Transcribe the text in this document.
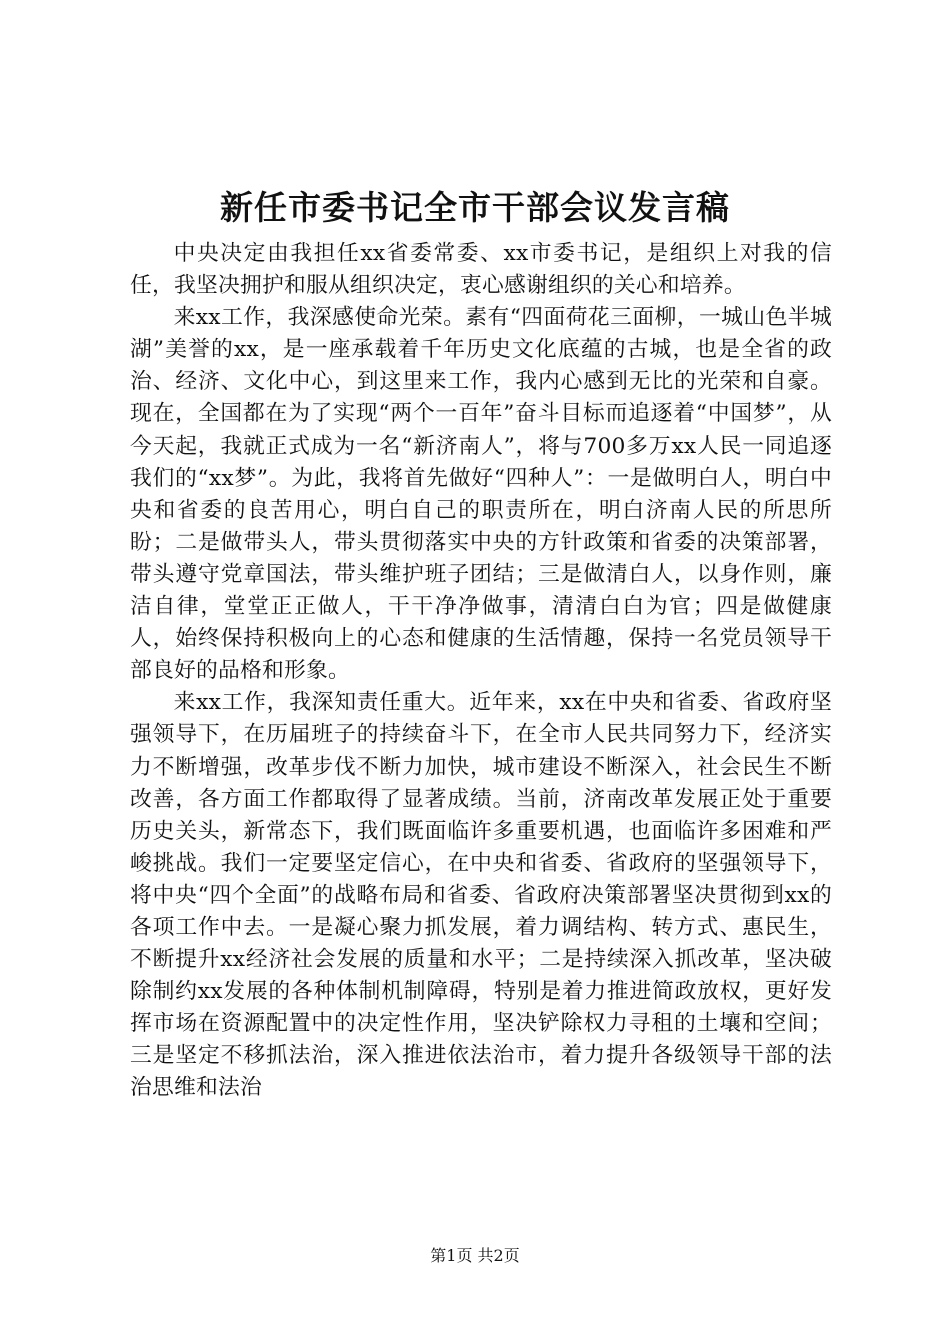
新任市委书记全市干部会议发言稿

中央决定由我担任xx省委常委、xx市委书记，是组织上对我的信任，我坚决拥护和服从组织决定，衷心感谢组织的关心和培养。

来xx工作，我深感使命光荣。素有“四面荷花三面柳，一城山色半城湖”美誉的xx，是一座承载着千年历史文化底蕴的古城，也是全省的政治、经济、文化中心，到这里来工作，我内心感到无比的光荣和自豪。现在，全国都在为了实现“两个一百年”奋斗目标而追逐着“中国梦”，从今天起，我就正式成为一名“新济南人”，将与700多万xx人民一同追逐我们的“xx梦”。为此，我将首先做好“四种人”：一是做明白人，明白中央和省委的良苦用心，明白自己的职责所在，明白济南人民的所思所盼；二是做带头人，带头贯彻落实中央的方针政策和省委的决策部署，带头遵守党章国法，带头维护班子团结；三是做清白人，以身作则，廉洁自律，堂堂正正做人，干干净净做事，清清白白为官；四是做健康人，始终保持积极向上的心态和健康的生活情趣，保持一名党员领导干部良好的品格和形象。

来xx工作，我深知责任重大。近年来，xx在中央和省委、省政府坚强领导下，在历届班子的持续奋斗下，在全市人民共同努力下，经济实力不断增强，改革步伐不断力加快，城市建设不断深入，社会民生不断改善，各方面工作都取得了显著成绩。当前，济南改革发展正处于重要历史关头，新常态下，我们既面临许多重要机遇，也面临许多困难和严峻挑战。我们一定要坚定信心，在中央和省委、省政府的坚强领导下，将中央“四个全面”的战略布局和省委、省政府决策部署坚决贯彻到xx的各项工作中去。一是凝心聚力抓发展，着力调结构、转方式、惠民生，不断提升xx经济社会发展的质量和水平；二是持续深入抓改革，坚决破除制约xx发展的各种体制机制障碍，特别是着力推进简政放权，更好发挥市场在资源配置中的决定性作用，坚决铲除权力寻租的土壤和空间；三是坚定不移抓法治，深入推进依法治市，着力提升各级领导干部的法治思维和法治

第1页 共2页
